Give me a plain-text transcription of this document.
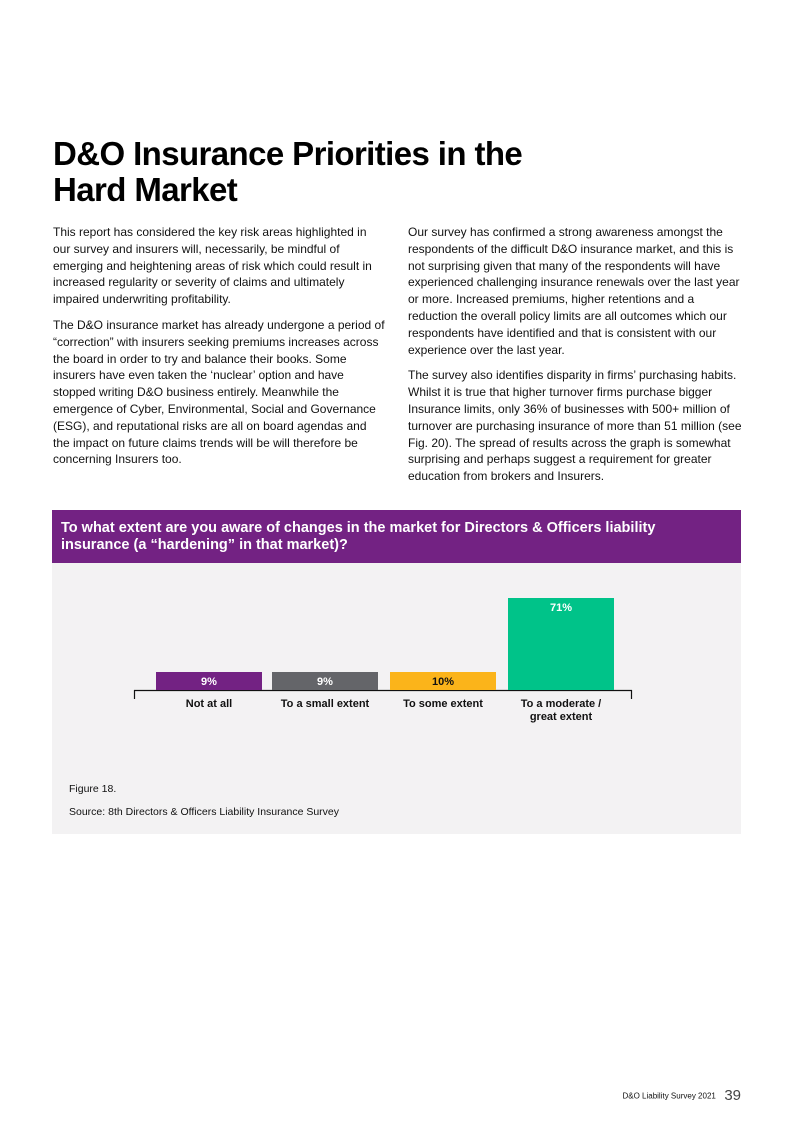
D&O Insurance Priorities in the
Hard Market

This report has considered the key risk areas highlighted in our survey and insurers will, necessarily, be mindful of emerging and heightening areas of risk which could result in increased regularity or severity of claims and ultimately impaired underwriting profitability.

The D&O insurance market has already undergone a period of “correction” with insurers seeking premiums increases across the board in order to try and balance their books. Some insurers have even taken the ‘nuclear’ option and have stopped writing D&O business entirely. Meanwhile the emergence of Cyber, Environmental, Social and Governance (ESG), and reputational risks are all on board agendas and the impact on future claims trends will be will therefore be concerning Insurers too.

Our survey has confirmed a strong awareness amongst the respondents of the difficult D&O insurance market, and this is not surprising given that many of the respondents will have experienced challenging insurance renewals over the last year or more. Increased premiums, higher retentions and a reduction the overall policy limits are all outcomes which our respondents have identified and that is consistent with our experience over the last year.

The survey also identifies disparity in firms’ purchasing habits. Whilst it is true that higher turnover firms purchase bigger Insurance limits, only 36% of businesses with 500+ million of turnover are purchasing insurance of more than 51 million (see Fig. 20). The spread of results across the graph is somewhat surprising and perhaps suggest a requirement for greater education from brokers and Insurers.

To what extent are you aware of changes in the market for Directors & Officers liability insurance (a “hardening” in that market)?

9%
Not at all
9%
To a small extent
10%
To some extent
71%
To a moderate /
great extent

Figure 18.

Source: 8th Directors & Officers Liability Insurance Survey

D&O Liability Survey 2021 39
